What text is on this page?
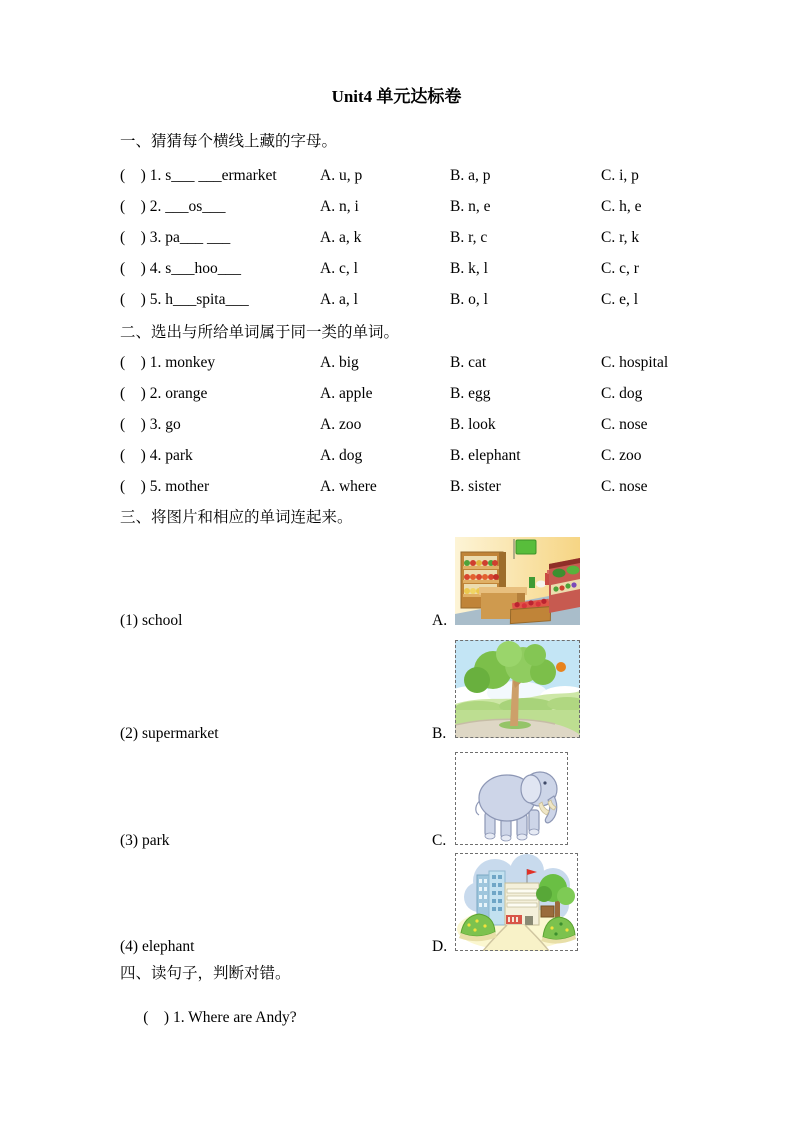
Unit4 单元达标卷
一、猜猜每个横线上藏的字母。
(　) 1. s___ ___ermarket	A. u, p	B. a, p	C. i, p
(　) 2. ___os___	A. n, i	B. n, e	C. h, e
(　) 3. pa___ ___	A. a, k	B. r, c	C. r, k
(　) 4. s___hoo___	A. c, l	B. k, l	C. c, r
(　) 5. h___spita___	A. a, l	B. o, l	C. e, l
二、选出与所给单词属于同一类的单词。
(　) 1. monkey	A. big	B. cat	C. hospital
(　) 2. orange	A. apple	B. egg	C. dog
(　) 3. go	A. zoo	B. look	C. nose
(　) 4. park	A. dog	B. elephant	C. zoo
(　) 5. mother	A. where	B. sister	C. nose
三、将图片和相应的单词连起来。
(1) school	A.
(2) supermarket	B.
(3) park	C.
(4) elephant	D.
四、读句子，判断对错。

(　) 1. Where are Andy?
